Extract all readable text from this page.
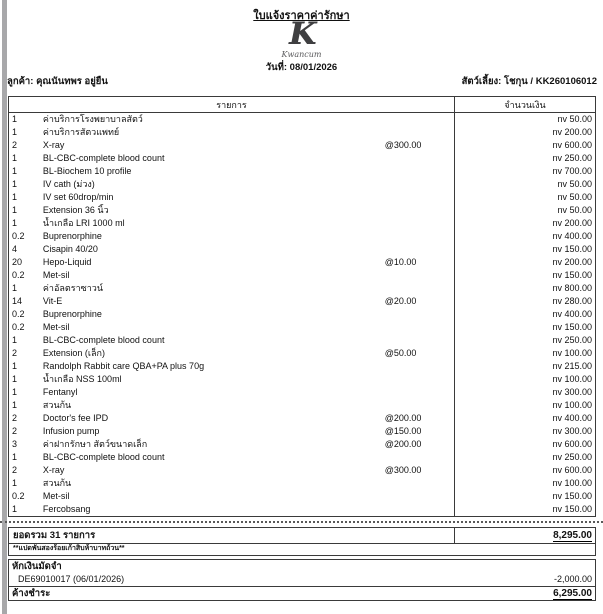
ใบแจ้งราคาค่ารักษา
K
Kwancum
วันที่: 08/01/2026
ลูกค้า: คุณนันทพร อยู่ยืน	สัตว์เลี้ยง: โชกุน / KK260106012
รายการ	จำนวนเงิน
1	ค่าบริการโรงพยาบาลสัตว์	nv 50.00
1	ค่าบริการสัตวแพทย์	nv 200.00
2	X-ray	@300.00	nv 600.00
1	BL-CBC-complete blood count	nv 250.00
1	BL-Biochem 10 profile	nv 700.00
1	IV cath (ม่วง)	nv 50.00
1	IV set 60drop/min	nv 50.00
1	Extension 36 นิ้ว	nv 50.00
1	น้ำเกลือ LRI 1000 ml	nv 200.00
0.2	Buprenorphine	nv 400.00
4	Cisapin 40/20	nv 150.00
20	Hepo-Liquid	@10.00	nv 200.00
0.2	Met-sil	nv 150.00
1	ค่าอัลตราซาวน์	nv 800.00
14	Vit-E	@20.00	nv 280.00
0.2	Buprenorphine	nv 400.00
0.2	Met-sil	nv 150.00
1	BL-CBC-complete blood count	nv 250.00
2	Extension (เล็ก)	@50.00	nv 100.00
1	Randolph Rabbit care QBA+PA plus 70g	nv 215.00
1	น้ำเกลือ NSS 100ml	nv 100.00
1	Fentanyl	nv 300.00
1	สวนก้น	nv 100.00
2	Doctor's fee IPD	@200.00	nv 400.00
2	Infusion pump	@150.00	nv 300.00
3	ค่าฝากรักษา สัตว์ขนาดเล็ก	@200.00	nv 600.00
1	BL-CBC-complete blood count	nv 250.00
2	X-ray	@300.00	nv 600.00
1	สวนก้น	nv 100.00
0.2	Met-sil	nv 150.00
1	Fercobsang	nv 150.00
ยอดรวม 31 รายการ	8,295.00
**แปดพันสองร้อยเก้าสิบห้าบาทถ้วน**
หักเงินมัดจำ
DE69010017 (06/01/2026)	-2,000.00
ค้างชำระ	6,295.00
